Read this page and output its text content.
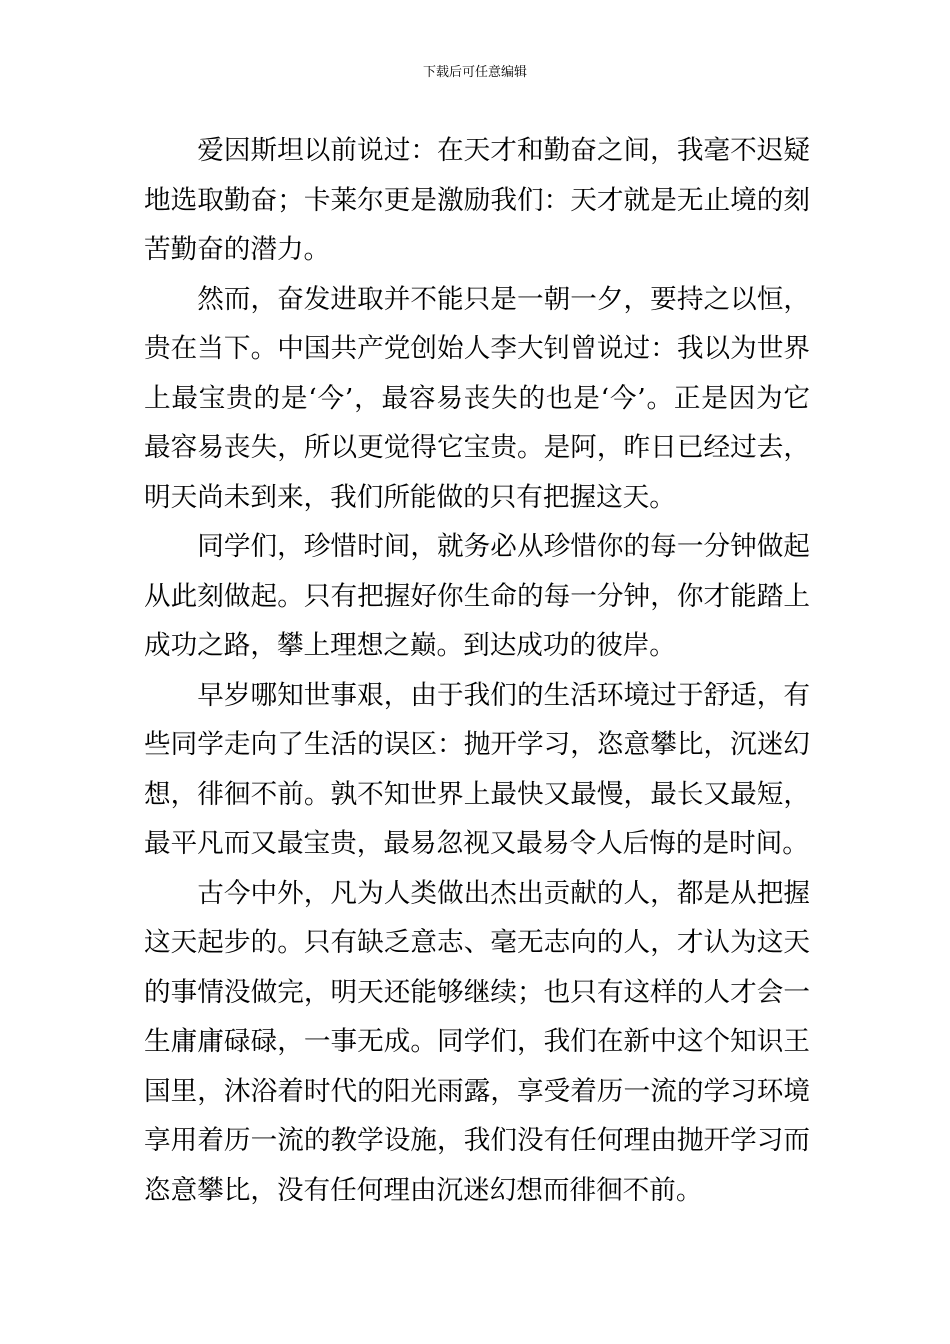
下载后可任意编辑

爱因斯坦以前说过：在天才和勤奋之间，我毫不迟疑地选取勤奋；卡莱尔更是激励我们：天才就是无止境的刻苦勤奋的潜力。

然而，奋发进取并不能只是一朝一夕，要持之以恒，贵在当下。中国共产党创始人李大钊曾说过：我以为世界上最宝贵的是‘今’，最容易丧失的也是‘今’。正是因为它最容易丧失，所以更觉得它宝贵。是阿，昨日已经过去，明天尚未到来，我们所能做的只有把握这天。

同学们，珍惜时间，就务必从珍惜你的每一分钟做起从此刻做起。只有把握好你生命的每一分钟，你才能踏上成功之路，攀上理想之巅。到达成功的彼岸。

早岁哪知世事艰，由于我们的生活环境过于舒适，有些同学走向了生活的误区：抛开学习，恣意攀比，沉迷幻想，徘徊不前。孰不知世界上最快又最慢，最长又最短，最平凡而又最宝贵，最易忽视又最易令人后悔的是时间。

古今中外，凡为人类做出杰出贡献的人，都是从把握这天起步的。只有缺乏意志、毫无志向的人，才认为这天的事情没做完，明天还能够继续；也只有这样的人才会一生庸庸碌碌，一事无成。同学们，我们在新中这个知识王国里，沐浴着时代的阳光雨露，享受着历一流的学习环境享用着历一流的教学设施，我们没有任何理由抛开学习而恣意攀比，没有任何理由沉迷幻想而徘徊不前。
